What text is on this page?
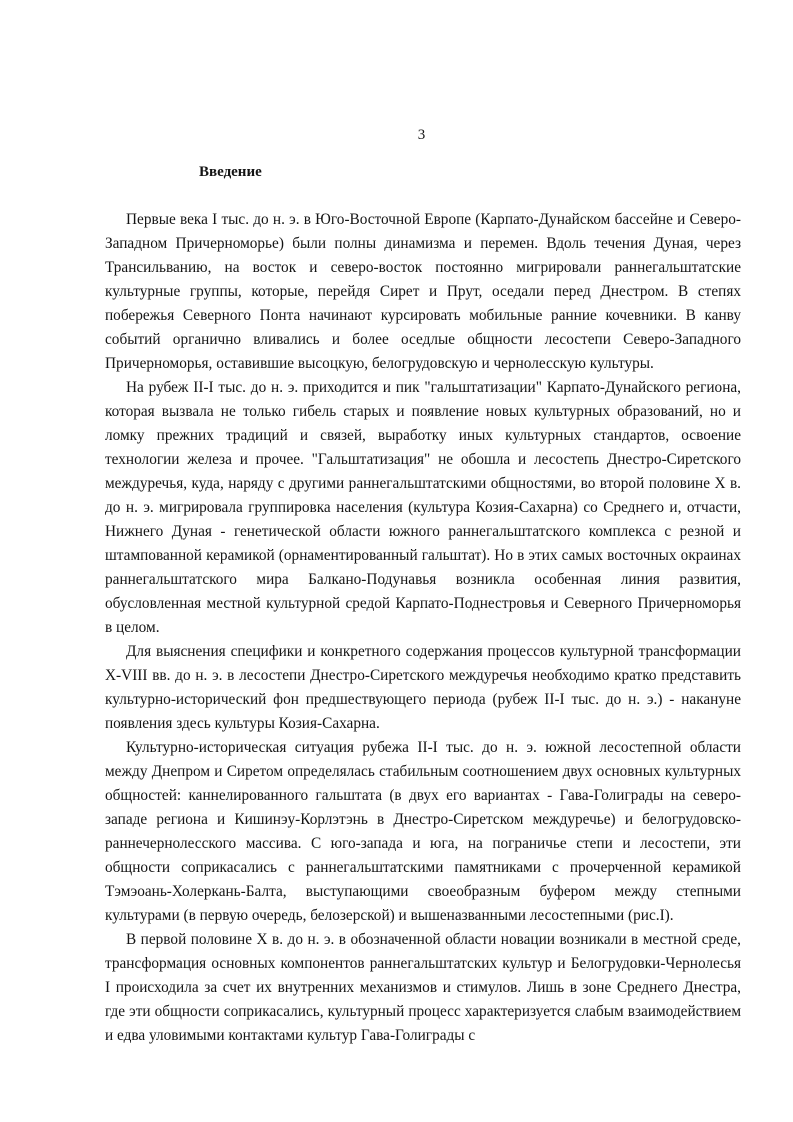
3
Введение

Первые века I тыс. до н. э. в Юго-Восточной Европе (Карпато-Дунайском бассейне и Северо-Западном Причерноморье) были полны динамизма и перемен. Вдоль течения Дуная, через Трансильванию, на восток и северо-восток постоянно мигрировали раннегальштатские культурные группы, которые, перейдя Сирет и Прут, оседали перед Днестром. В степях побережья Северного Понта начинают курсировать мобильные ранние кочевники. В канву событий органично вливались и более оседлые общности лесостепи Северо-Западного Причерноморья, оставившие высоцкую, белогрудовскую и чернолесскую культуры.

На рубеж II-I тыс. до н. э. приходится и пик "гальштатизации" Карпато-Дунайского региона, которая вызвала не только гибель старых и появление новых культурных образований, но и ломку прежних традиций и связей, выработку иных культурных стандартов, освоение технологии железа и прочее. "Гальштатизация" не обошла и лесостепь Днестро-Сиретского междуречья, куда, наряду с другими раннегальштатскими общностями, во второй половине X в. до н. э. мигрировала группировка населения (культура Козия-Сахарна) со Среднего и, отчасти, Нижнего Дуная - генетической области южного раннегальштатского комплекса с резной и штампованной керамикой (орнаментированный гальштат). Но в этих самых восточных окраинах раннегальштатского мира Балкано-Подунавья возникла особенная линия развития, обусловленная местной культурной средой Карпато-Поднестровья и Северного Причерноморья в целом.

Для выяснения специфики и конкретного содержания процессов культурной трансформации X-VIII вв. до н. э. в лесостепи Днестро-Сиретского междуречья необходимо кратко представить культурно-исторический фон предшествующего периода (рубеж II-I тыс. до н. э.) - накануне появления здесь культуры Козия-Сахарна.

Культурно-историческая ситуация рубежа II-I тыс. до н. э. южной лесостепной области между Днепром и Сиретом определялась стабильным соотношением двух основных культурных общностей: каннелированного гальштата (в двух его вариантах - Гава-Голиграды на северо-западе региона и Кишинэу-Корлэтэнь в Днестро-Сиретском междуречье) и белогрудовско-раннечернолесского массива. С юго-запада и юга, на пограничье степи и лесостепи, эти общности соприкасались с раннегальштатскими памятниками с прочерченной керамикой Тэмэоань-Холеркань-Балта, выступающими своеобразным буфером между степными культурами (в первую очередь, белозерской) и вышеназванными лесостепными (рис.I).

В первой половине X в. до н. э. в обозначенной области новации возникали в местной среде, трансформация основных компонентов раннегальштатских культур и Белогрудовки-Чернолесья I происходила за счет их внутренних механизмов и стимулов. Лишь в зоне Среднего Днестра, где эти общности соприкасались, культурный процесс характеризуется слабым взаимодействием и едва уловимыми контактами культур Гава-Голиграды с
